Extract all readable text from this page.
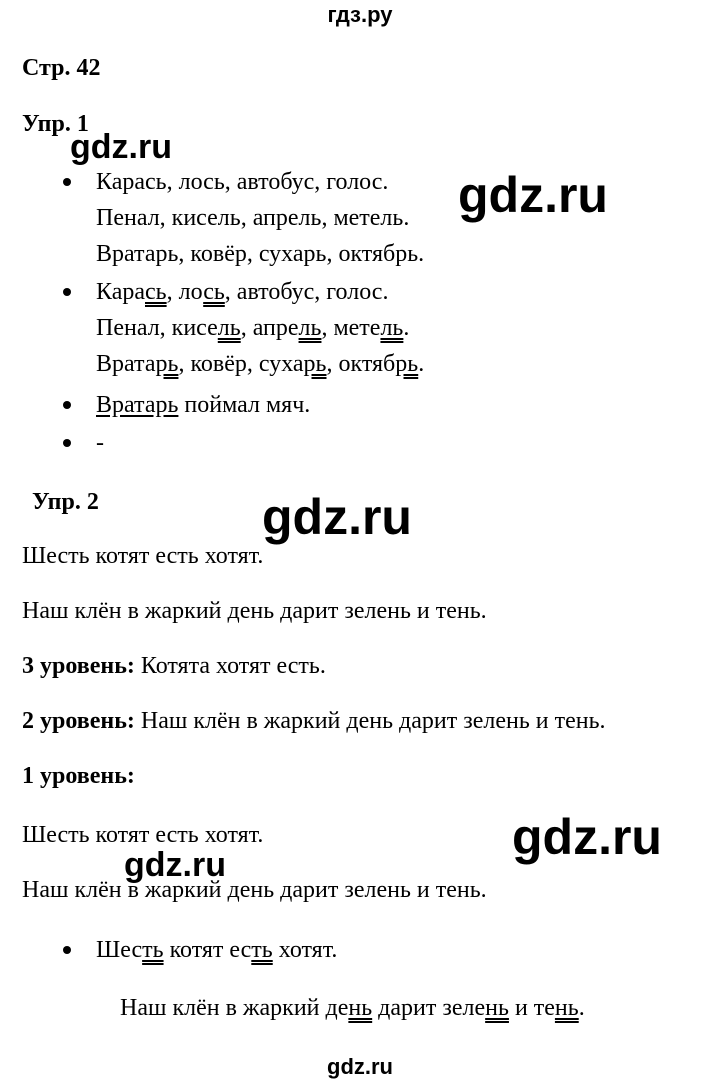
гдз.ру
Стр. 42
Упр. 1
Карась, лось, автобус, голос.
Пенал, кисель, апрель, метель.
Вратарь, ковёр, сухарь, октябрь.
Карась, лось, автобус, голос.
Пенал, кисель, апрель, метель.
Вратарь, ковёр, сухарь, октябрь.
Вратарь поймал мяч.
-
Упр. 2
Шесть котят есть хотят.
Наш клён в жаркий день дарит зелень и тень.
3 уровень: Котята хотят есть.
2 уровень: Наш клён в жаркий день дарит зелень и тень.
1 уровень:
Шесть котят есть хотят.
Наш клён в жаркий день дарит зелень и тень.
Шесть котят есть хотят.
Наш клён в жаркий день дарит зелень и тень.
gdz.ru
gdz.ru
gdz.ru
gdz.ru
gdz.ru
gdz.ru
